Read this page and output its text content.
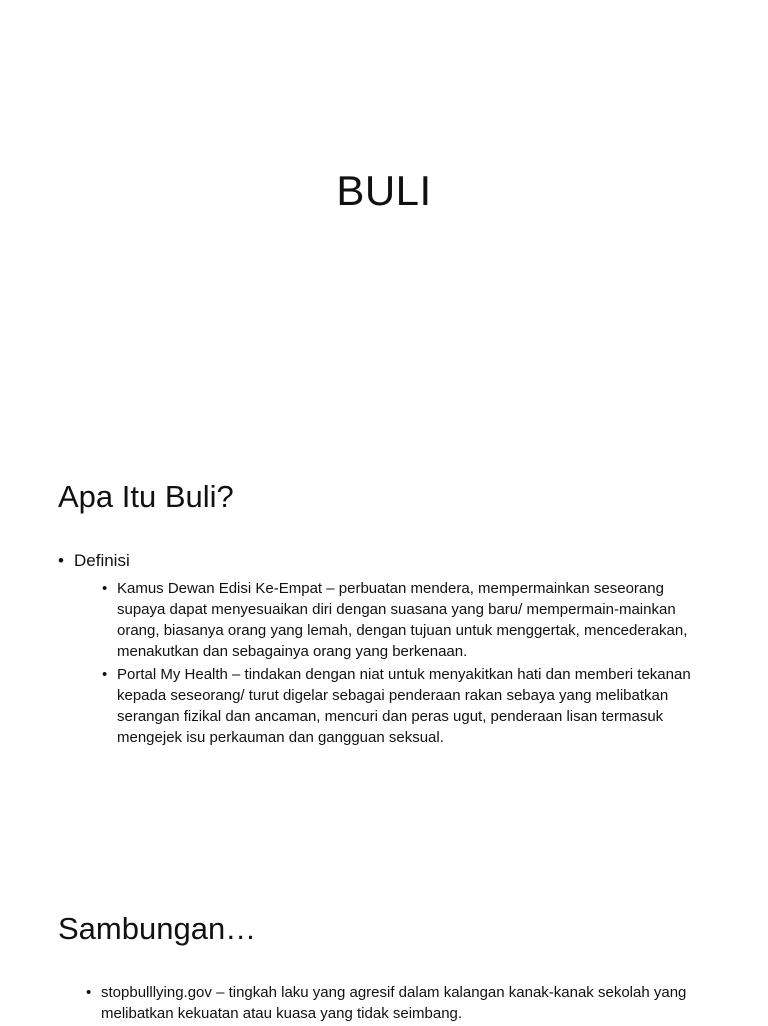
BULI
Apa Itu Buli?
• Definisi
• Kamus Dewan Edisi Ke-Empat – perbuatan mendera, mempermainkan seseorang supaya dapat menyesuaikan diri dengan suasana yang baru/ mempermain-mainkan orang, biasanya orang yang lemah, dengan tujuan untuk menggertak, mencederakan, menakutkan dan sebagainya orang yang berkenaan.
• Portal My Health – tindakan dengan niat untuk menyakitkan hati dan memberi tekanan kepada seseorang/ turut digelar sebagai penderaan rakan sebaya yang melibatkan serangan fizikal dan ancaman, mencuri dan peras ugut, penderaan lisan termasuk mengejek isu perkauman dan gangguan seksual.
Sambungan…
• stopbulllying.gov – tingkah laku yang agresif dalam kalangan kanak-kanak sekolah yang melibatkan kekuatan atau kuasa yang tidak seimbang.
